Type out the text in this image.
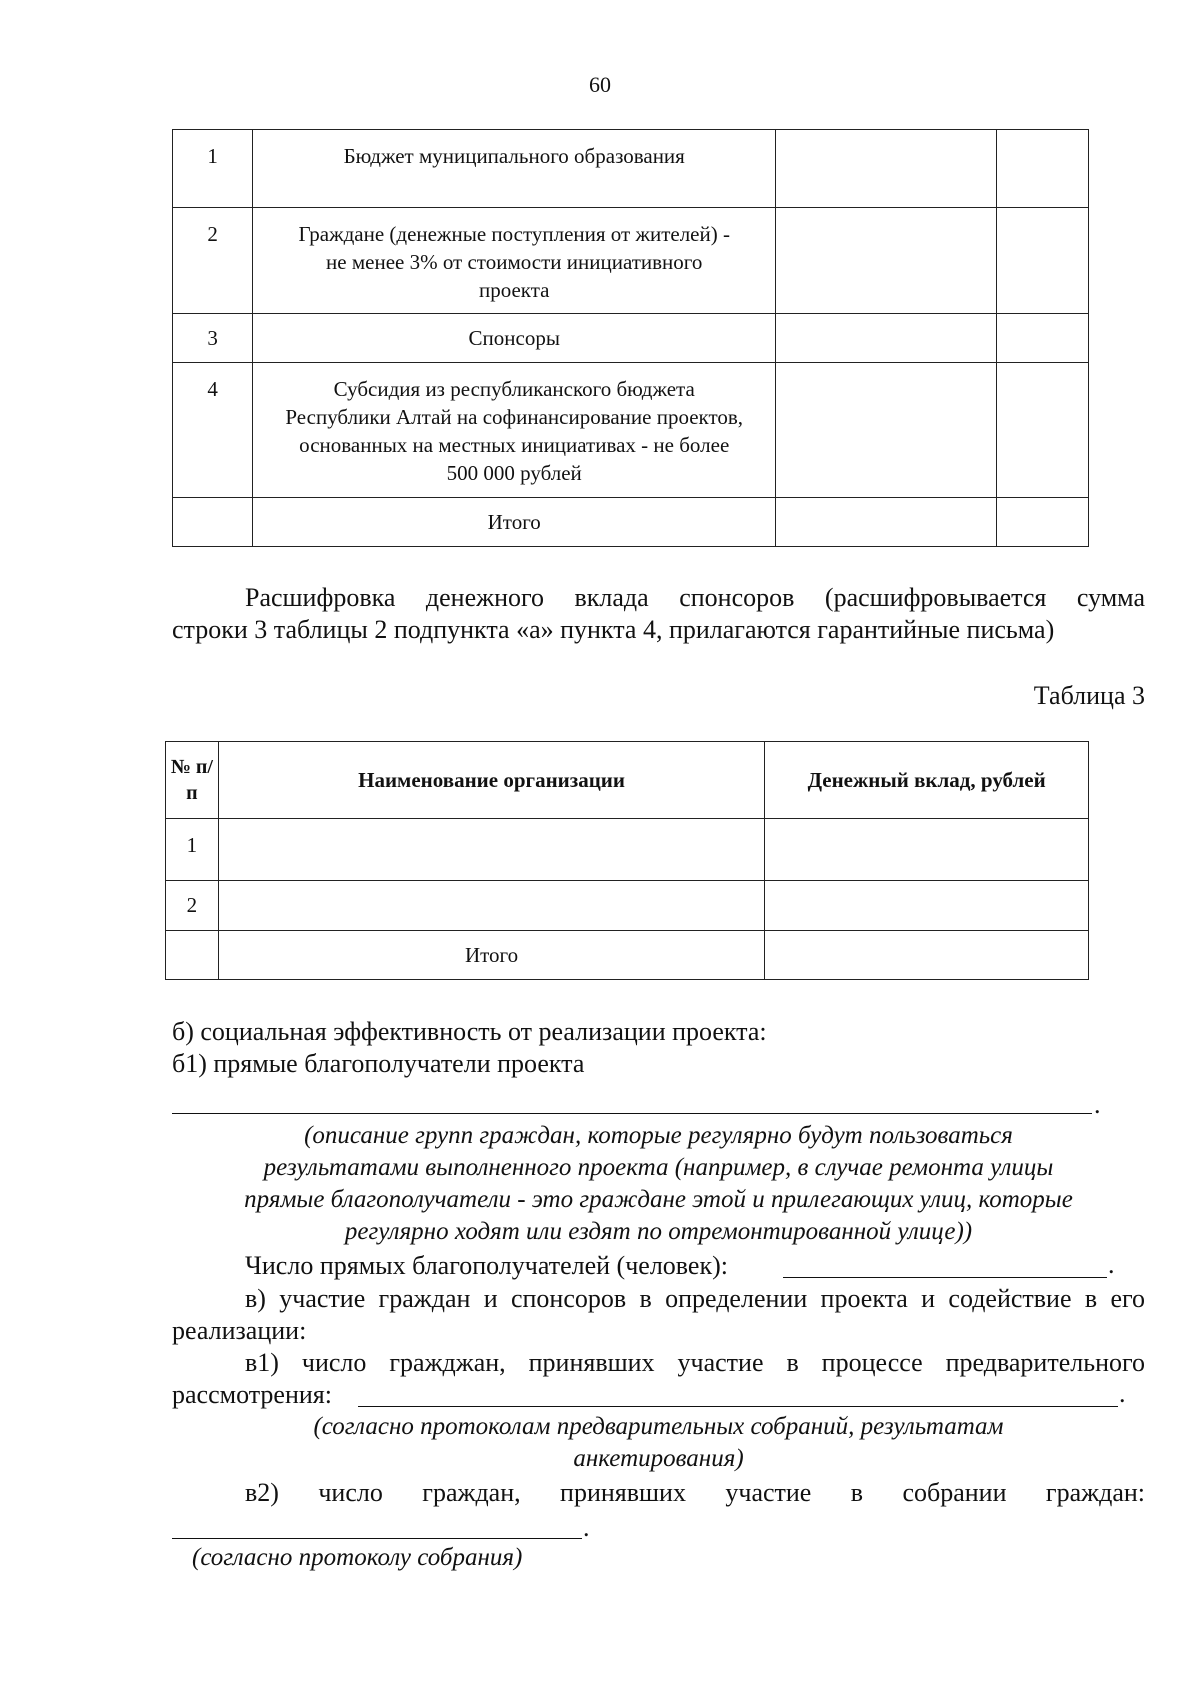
60
1	Бюджет муниципального образования		
2	Граждане (денежные поступления от жителей) - не менее 3% от стоимости инициативного проекта		
3	Спонсоры		
4	Субсидия из республиканского бюджета Республики Алтай на софинансирование проектов, основанных на местных инициативах - не более 500 000 рублей		
	Итого		
Расшифровка денежного вклада спонсоров (расшифровывается сумма
строки 3 таблицы 2 подпункта «а» пункта 4, прилагаются гарантийные письма)
Таблица 3
№ п/п	Наименование организации	Денежный вклад, рублей
1		
2		
	Итого	
б) социальная эффективность от реализации проекта:
б1) прямые благополучатели проекта
.
(описание групп граждан, которые регулярно будут пользоваться
результатами выполненного проекта (например, в случае ремонта улицы
прямые благополучатели - это граждане этой и прилегающих улиц, которые
регулярно ходят или ездят по отремонтированной улице))
Число прямых благополучателей (человек):	.
в) участие граждан и спонсоров в определении проекта и содействие в его
реализации:
в1) число гражджан, принявших участие в процессе предварительного
рассмотрения:	.
(согласно протоколам предварительных собраний, результатам
анкетирования)
в2) число граждан, принявших участие в собрании граждан:
.
(согласно протоколу собрания)
